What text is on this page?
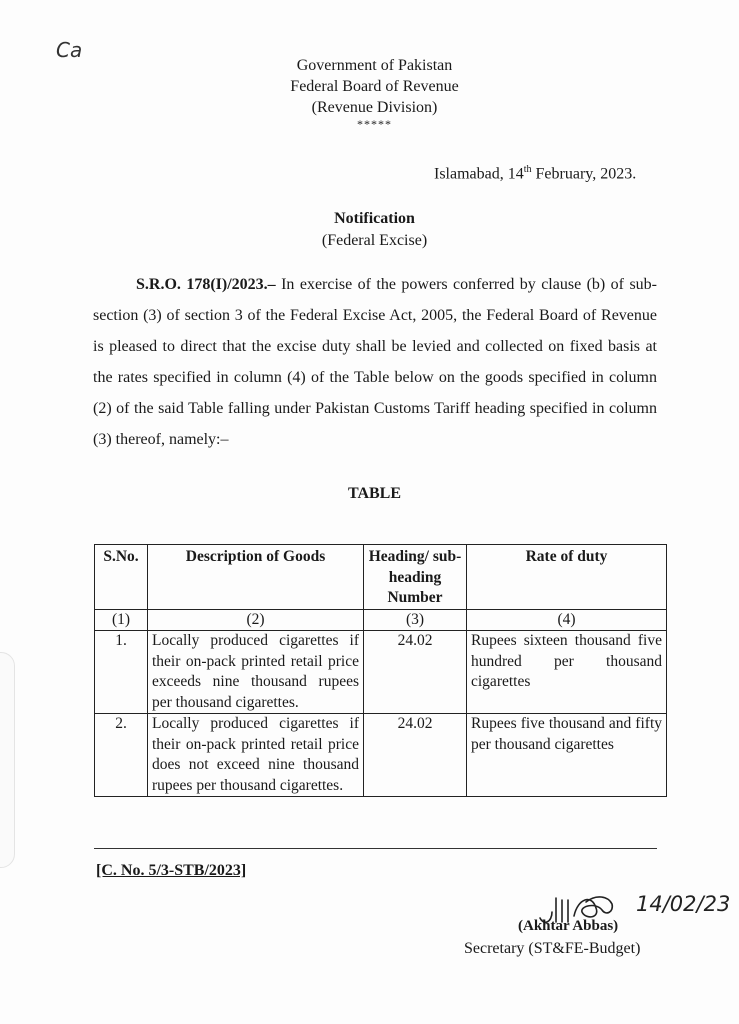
Ca
Government of Pakistan
Federal Board of Revenue
(Revenue Division)
*****
Islamabad, 14th February, 2023.
Notification
(Federal Excise)
S.R.O. 178(I)/2023.– In exercise of the powers conferred by clause (b) of sub-section (3) of section 3 of the Federal Excise Act, 2005, the Federal Board of Revenue is pleased to direct that the excise duty shall be levied and collected on fixed basis at the rates specified in column (4) of the Table below on the goods specified in column (2) of the said Table falling under Pakistan Customs Tariff heading specified in column (3) thereof, namely:–
TABLE
S.No.	Description of Goods	Heading/ sub-heading Number	Rate of duty
(1)	(2)	(3)	(4)
1.	Locally produced cigarettes if their on-pack printed retail price exceeds nine thousand rupees per thousand cigarettes.	24.02	Rupees sixteen thousand five hundred per thousand cigarettes
2.	Locally produced cigarettes if their on-pack printed retail price does not exceed nine thousand rupees per thousand cigarettes.	24.02	Rupees five thousand and fifty per thousand cigarettes
[C. No. 5/3-STB/2023]
14/02/23
(Akhtar Abbas)
Secretary (ST&FE-Budget)
